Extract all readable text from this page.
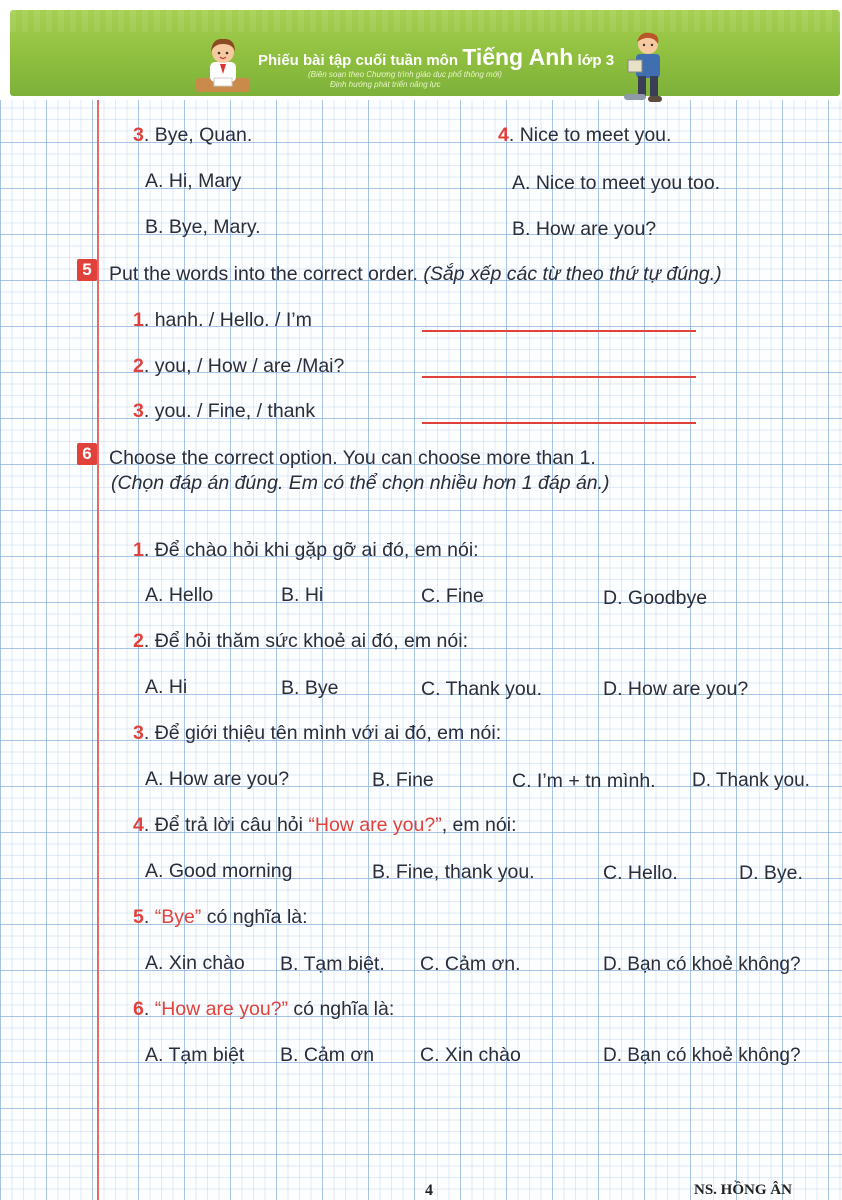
Phiếu bài tập cuối tuần môn Tiếng Anh lớp 3
(Biên soạn theo Chương trình giáo dục phổ thông mới)
Định hướng phát triển năng lực
3. Bye, Quan.	4. Nice to meet you.
A. Hi, Mary	A. Nice to meet you too.
B. Bye, Mary.	B. How are you?
5 Put the words into the correct order. (Sắp xếp các từ theo thứ tự đúng.)
1. hanh. / Hello. / I’m
2. you, / How / are /Mai?
3. you. / Fine, / thank
6 Choose the correct option. You can choose more than 1.
(Chọn đáp án đúng. Em có thể chọn nhiều hơn 1 đáp án.)
1. Để chào hỏi khi gặp gỡ ai đó, em nói:
A. Hello	B. Hi	C. Fine	D. Goodbye
2. Để hỏi thăm sức khoẻ ai đó, em nói:
A. Hi	B. Bye	C. Thank you.	D. How are you?
3. Để giới thiệu tên mình với ai đó, em nói:
A. How are you?	B. Fine	C. I’m + tn mình. D. Thank you.
4. Để trả lời câu hỏi “How are you?”, em nói:
A. Good morning	B. Fine, thank you.	C. Hello.	D. Bye.
5. “Bye” có nghĩa là:
A. Xin chào B. Tạm biệt. C. Cảm ơn.	D. Bạn có khoẻ không?
6. “How are you?” có nghĩa là:
A. Tạm biệt B. Cảm ơn C. Xin chào	D. Bạn có khoẻ không?
4	NS. HỒNG ÂN
